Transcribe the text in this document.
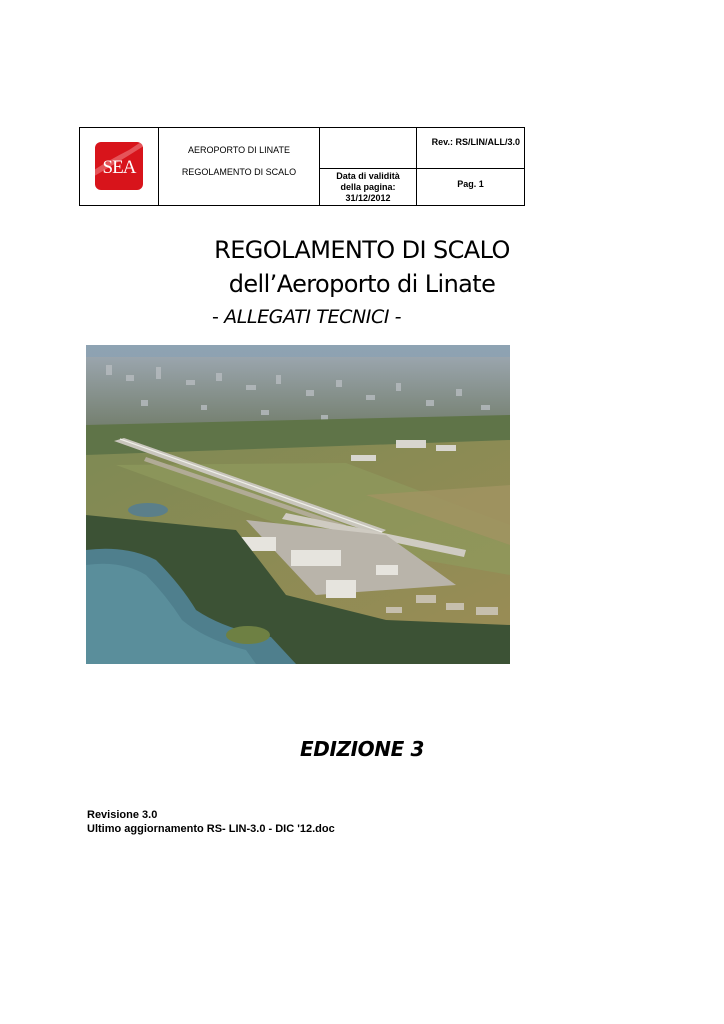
SEA
AEROPORTO DI LINATE
REGOLAMENTO DI SCALO	Data di validità
della pagina:
31/12/2012
Rev.: RS/LIN/ALL/3.0
Pag. 1
REGOLAMENTO DI SCALO
dell’Aeroporto di Linate
- ALLEGATI TECNICI -
EDIZIONE 3
Revisione 3.0
Ultimo aggiornamento RS- LIN-3.0 - DIC '12.doc
